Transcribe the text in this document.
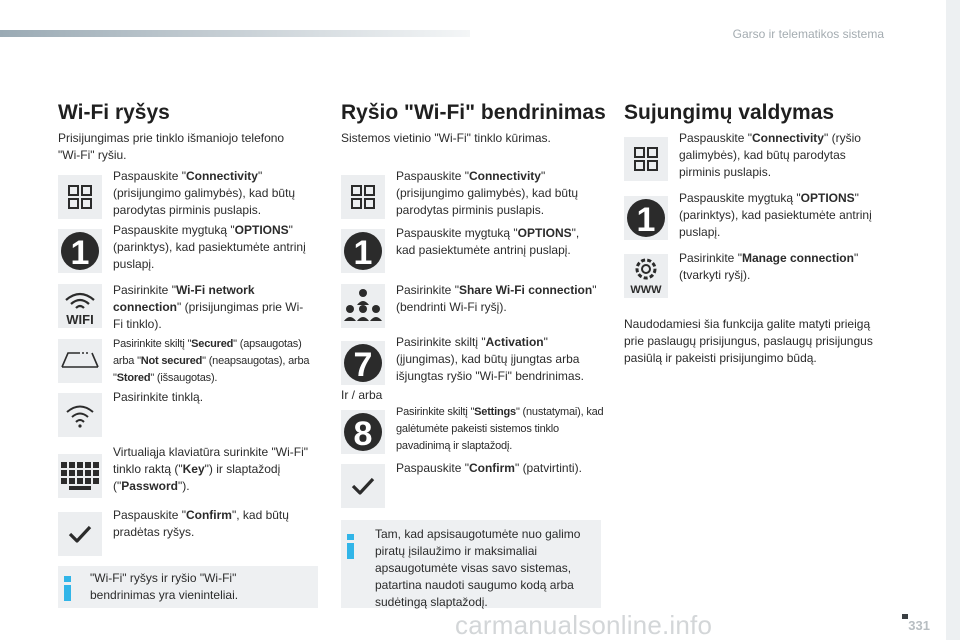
Garso ir telematikos sistema
Wi-Fi ryšys
Prisijungimas prie tinklo išmaniojo telefono "Wi-Fi" ryšiu.
Paspauskite "Connectivity" (prisijungimo galimybės), kad būtų parodytas pirminis puslapis.
1
Paspauskite mygtuką "OPTIONS" (parinktys), kad pasiektumėte antrinį puslapį.
WIFI
Pasirinkite "Wi-Fi network connection" (prisijungimas prie Wi-Fi tinklo).
Pasirinkite skiltį "Secured" (apsaugotas) arba "Not secured" (neapsaugotas), arba "Stored" (išsaugotas).
Pasirinkite tinklą.
Virtualiąja klaviatūra surinkite "Wi-Fi" tinklo raktą ("Key") ir slaptažodį ("Password").
Paspauskite "Confirm", kad būtų pradėtas ryšys.
"Wi-Fi" ryšys ir ryšio "Wi-Fi" bendrinimas yra vieninteliai.
Ryšio "Wi-Fi" bendrinimas
Sistemos vietinio "Wi-Fi" tinklo kūrimas.
Paspauskite "Connectivity" (prisijungimo galimybės), kad būtų parodytas pirminis puslapis.
1
Paspauskite mygtuką "OPTIONS", kad pasiektumėte antrinį puslapį.
Pasirinkite "Share Wi-Fi connection" (bendrinti Wi-Fi ryšį).
7
Pasirinkite skiltį "Activation" (įjungimas), kad būtų įjungtas arba išjungtas ryšio "Wi-Fi" bendrinimas.
Ir / arba
8
Pasirinkite skiltį "Settings" (nustatymai), kad galėtumėte pakeisti sistemos tinklo pavadinimą ir slaptažodį.
Paspauskite "Confirm" (patvirtinti).
Tam, kad apsisaugotumėte nuo galimo piratų įsilaužimo ir maksimaliai apsaugotumėte visas savo sistemas, patartina naudoti saugumo kodą arba sudėtingą slaptažodį.
Sujungimų valdymas
Paspauskite "Connectivity" (ryšio galimybės), kad būtų parodytas pirminis puslapis.
1
Paspauskite mygtuką "OPTIONS" (parinktys), kad pasiektumėte antrinį puslapį.
WWW
Pasirinkite "Manage connection" (tvarkyti ryšį).
Naudodamiesi šia funkcija galite matyti prieigą prie paslaugų prisijungus, paslaugų prisijungus pasiūlą ir pakeisti prisijungimo būdą.
331
carmanualsonline.info
